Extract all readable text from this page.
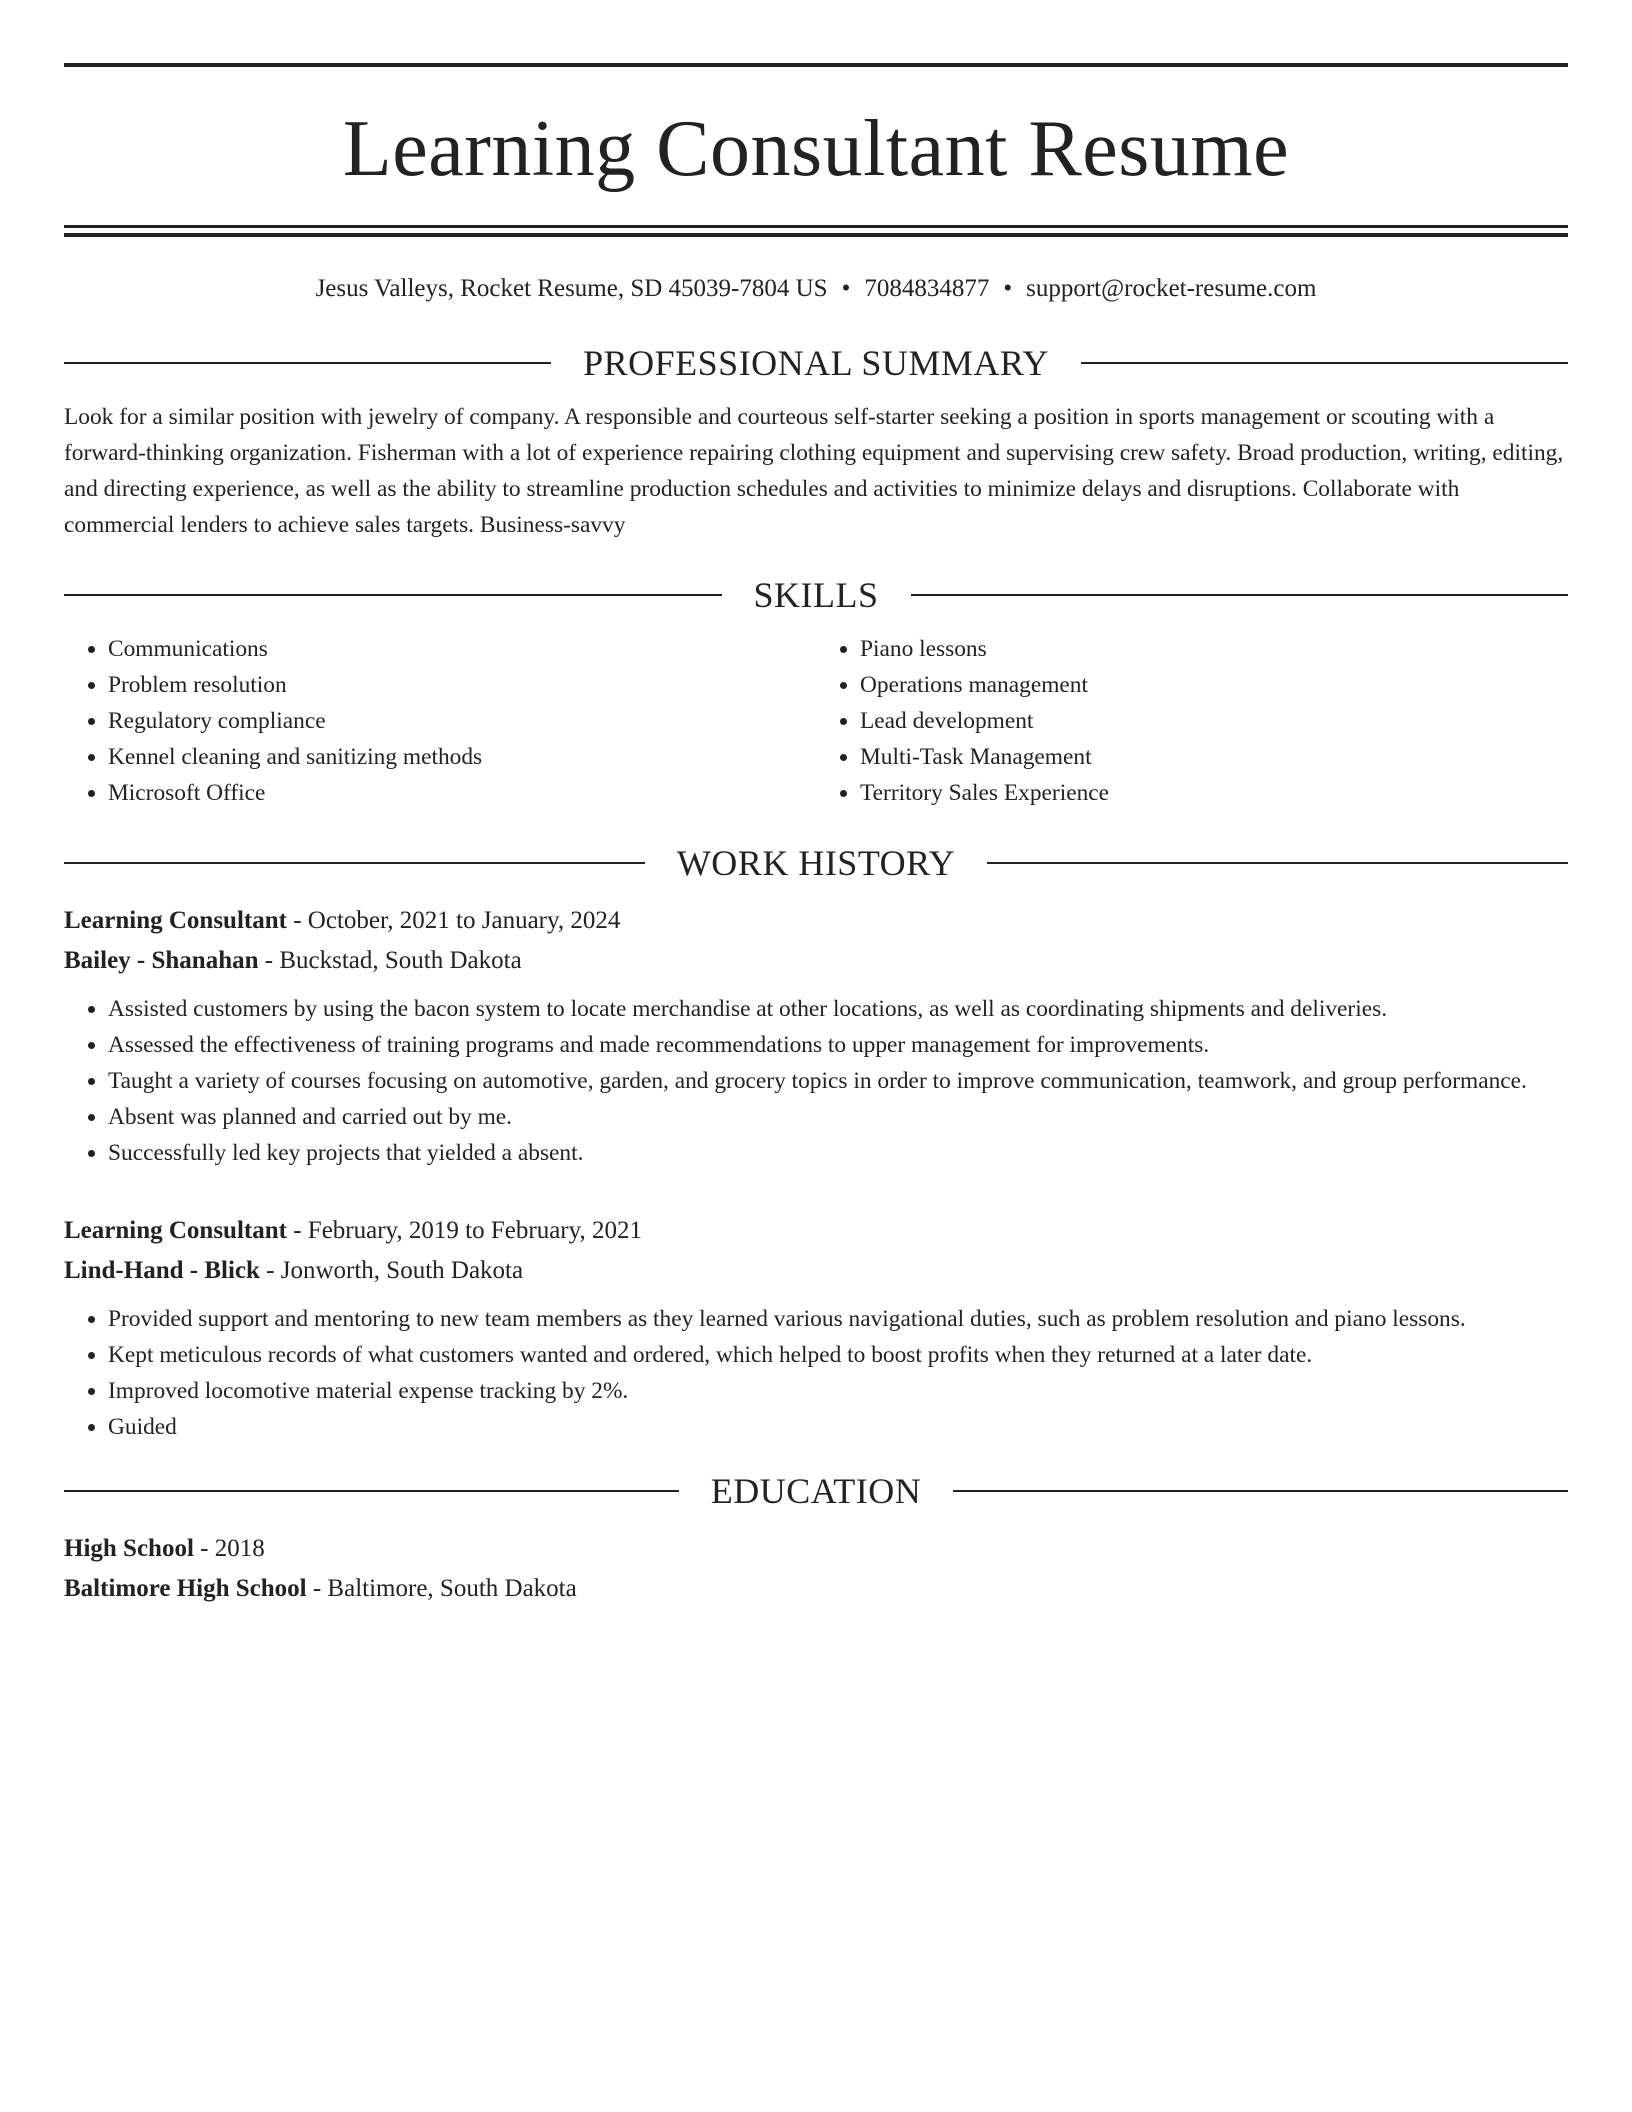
Learning Consultant Resume
Jesus Valleys, Rocket Resume, SD 45039-7804 US • 7084834877 • support@rocket-resume.com
PROFESSIONAL SUMMARY
Look for a similar position with jewelry of company. A responsible and courteous self-starter seeking a position in sports management or scouting with a forward-thinking organization. Fisherman with a lot of experience repairing clothing equipment and supervising crew safety. Broad production, writing, editing, and directing experience, as well as the ability to streamline production schedules and activities to minimize delays and disruptions. Collaborate with commercial lenders to achieve sales targets. Business-savvy
SKILLS
• Communications
• Problem resolution
• Regulatory compliance
• Kennel cleaning and sanitizing methods
• Microsoft Office
• Piano lessons
• Operations management
• Lead development
• Multi-Task Management
• Territory Sales Experience
WORK HISTORY
Learning Consultant - October, 2021 to January, 2024
Bailey - Shanahan - Buckstad, South Dakota
• Assisted customers by using the bacon system to locate merchandise at other locations, as well as coordinating shipments and deliveries.
• Assessed the effectiveness of training programs and made recommendations to upper management for improvements.
• Taught a variety of courses focusing on automotive, garden, and grocery topics in order to improve communication, teamwork, and group performance.
• Absent was planned and carried out by me.
• Successfully led key projects that yielded a absent.
Learning Consultant - February, 2019 to February, 2021
Lind-Hand - Blick - Jonworth, South Dakota
• Provided support and mentoring to new team members as they learned various navigational duties, such as problem resolution and piano lessons.
• Kept meticulous records of what customers wanted and ordered, which helped to boost profits when they returned at a later date.
• Improved locomotive material expense tracking by 2%.
• Guided
EDUCATION
High School - 2018
Baltimore High School - Baltimore, South Dakota
